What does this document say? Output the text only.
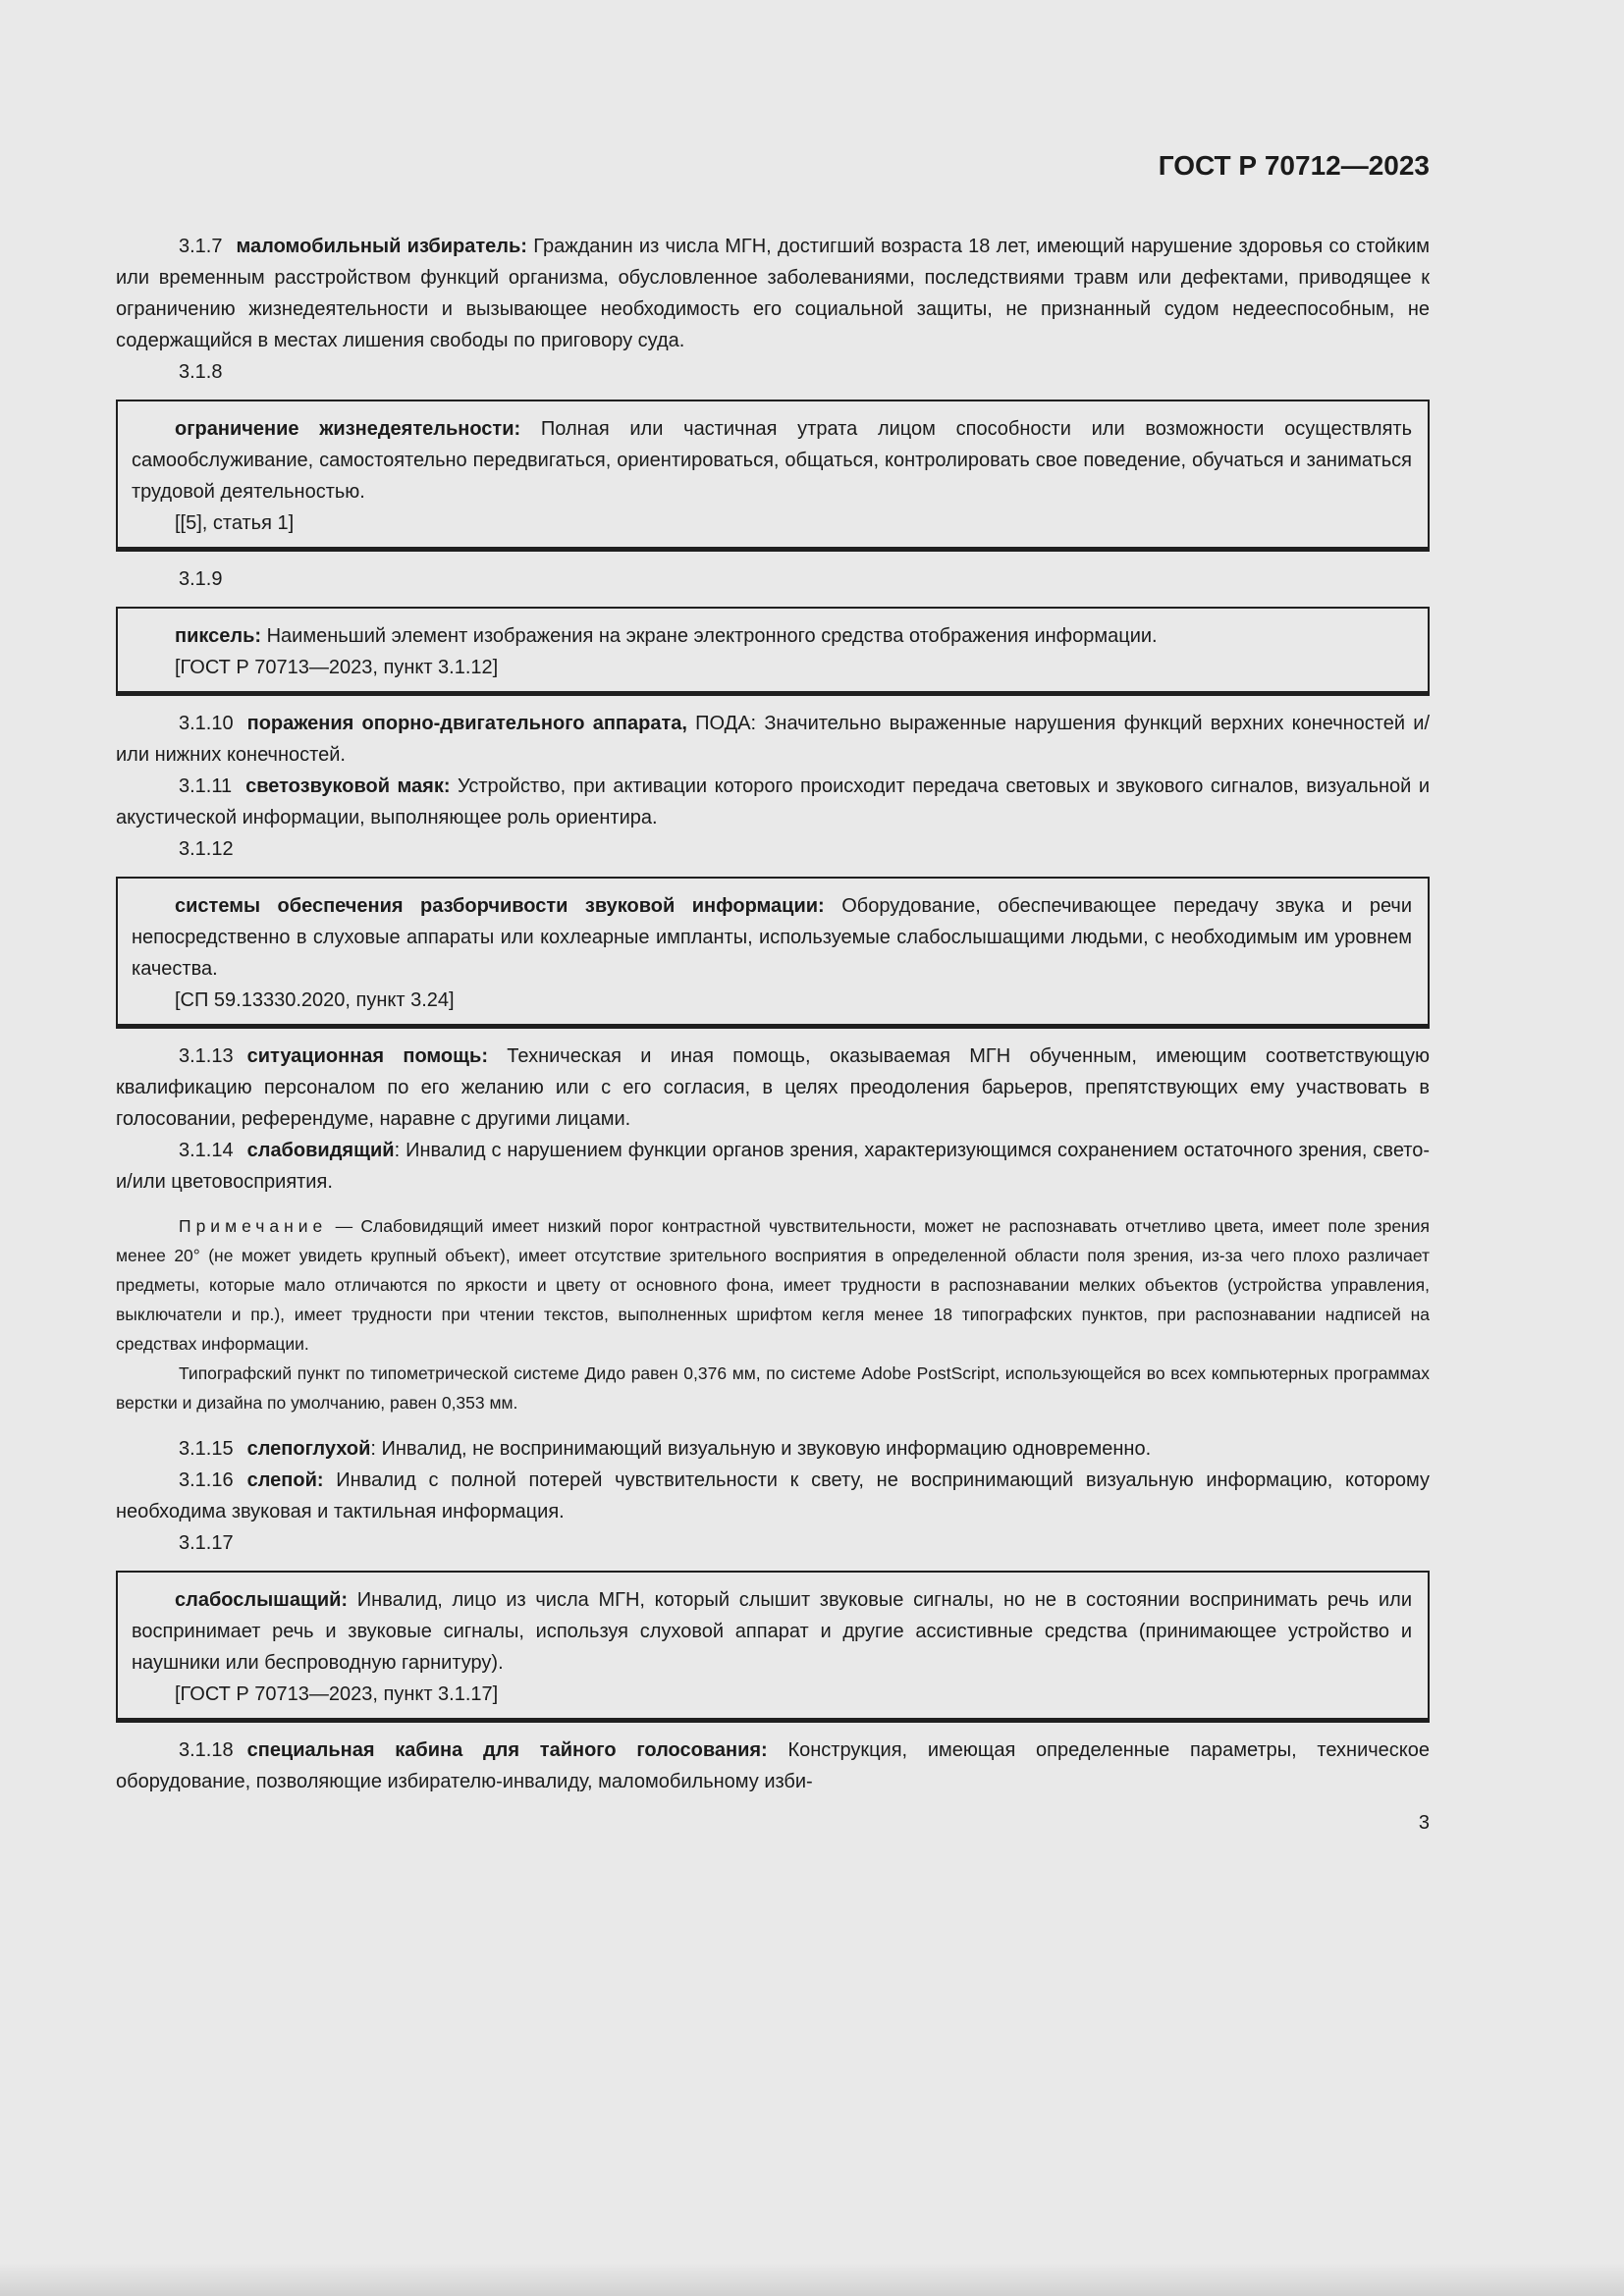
ГОСТ Р 70712—2023

3.1.7 маломобильный избиратель: Гражданин из числа МГН, достигший возраста 18 лет, имеющий нарушение здоровья со стойким или временным расстройством функций организма, обусловленное заболеваниями, последствиями травм или дефектами, приводящее к ограничению жизнедеятельности и вызывающее необходимость его социальной защиты, не признанный судом недееспособным, не содержащийся в местах лишения свободы по приговору суда.

3.1.8

ограничение жизнедеятельности: Полная или частичная утрата лицом способности или возможности осуществлять самообслуживание, самостоятельно передвигаться, ориентироваться, общаться, контролировать свое поведение, обучаться и заниматься трудовой деятельностью.

[[5], статья 1]

3.1.9

пиксель: Наименьший элемент изображения на экране электронного средства отображения информации.

[ГОСТ Р 70713—2023, пункт 3.1.12]

3.1.10 поражения опорно-двигательного аппарата, ПОДА: Значительно выраженные нарушения функций верхних конечностей и/или нижних конечностей.

3.1.11 светозвуковой маяк: Устройство, при активации которого происходит передача световых и звукового сигналов, визуальной и акустической информации, выполняющее роль ориентира.

3.1.12

системы обеспечения разборчивости звуковой информации: Оборудование, обеспечивающее передачу звука и речи непосредственно в слуховые аппараты или кохлеарные импланты, используемые слабослышащими людьми, с необходимым им уровнем качества.

[СП 59.13330.2020, пункт 3.24]

3.1.13 ситуационная помощь: Техническая и иная помощь, оказываемая МГН обученным, имеющим соответствующую квалификацию персоналом по его желанию или с его согласия, в целях преодоления барьеров, препятствующих ему участвовать в голосовании, референдуме, наравне с другими лицами.

3.1.14 слабовидящий: Инвалид с нарушением функции органов зрения, характеризующимся сохранением остаточного зрения, свето- и/или цветовосприятия.

Примечание — Слабовидящий имеет низкий порог контрастной чувствительности, может не распознавать отчетливо цвета, имеет поле зрения менее 20° (не может увидеть крупный объект), имеет отсутствие зрительного восприятия в определенной области поля зрения, из-за чего плохо различает предметы, которые мало отличаются по яркости и цвету от основного фона, имеет трудности в распознавании мелких объектов (устройства управления, выключатели и пр.), имеет трудности при чтении текстов, выполненных шрифтом кегля менее 18 типографских пунктов, при распознавании надписей на средствах информации.

Типографский пункт по типометрической системе Дидо равен 0,376 мм, по системе Adobe PostScript, использующейся во всех компьютерных программах верстки и дизайна по умолчанию, равен 0,353 мм.

3.1.15 слепоглухой: Инвалид, не воспринимающий визуальную и звуковую информацию одновременно.

3.1.16 слепой: Инвалид с полной потерей чувствительности к свету, не воспринимающий визуальную информацию, которому необходима звуковая и тактильная информация.

3.1.17

слабослышащий: Инвалид, лицо из числа МГН, который слышит звуковые сигналы, но не в состоянии воспринимать речь или воспринимает речь и звуковые сигналы, используя слуховой аппарат и другие ассистивные средства (принимающее устройство и наушники или беспроводную гарнитуру).

[ГОСТ Р 70713—2023, пункт 3.1.17]

3.1.18 специальная кабина для тайного голосования: Конструкция, имеющая определенные параметры, техническое оборудование, позволяющие избирателю-инвалиду, маломобильному изби-

3
